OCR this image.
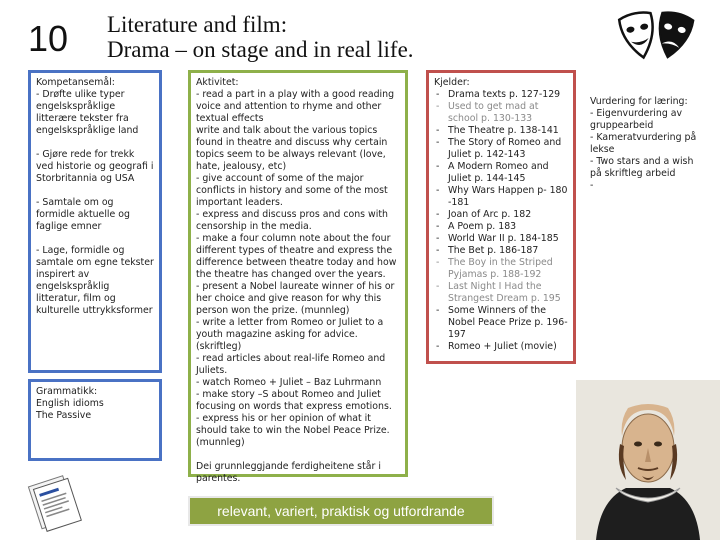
10 Literature and film:
Drama – on stage and in real life.

Kompetansemål:

- Drøfte ulike typer engelskspråklige litterære tekster fra engelskspråklige land

- Gjøre rede for trekk ved historie og geografi i Storbritannia og USA

- Samtale om og formidle aktuelle og faglige emner

- Lage, formidle og samtale om egne tekster inspirert av engelskspråklig litteratur, film og kulturelle uttrykksformer

Grammatikk:

English idioms

The Passive

Aktivitet:

- read a part in a play with a good reading voice and attention to rhyme and other textual effects

write and talk about the various topics found in theatre and discuss why certain topics seem to be always relevant (love, hate, jealousy, etc)

- give account of some of the major conflicts in history and some of the most important leaders.

- express and discuss pros and cons with censorship in the media.

- make a four column note about the four different types of theatre and express the difference between theatre today and how the theatre has changed over the years.

- present a Nobel laureate winner of his or her choice and give reason for why this person won the prize. (munnleg)

- write a letter from Romeo or Juliet to a youth magazine asking for advice. (skriftleg)

- read articles about real-life Romeo and Juliets.

- watch Romeo + Juliet – Baz Luhrmann

- make story –S about Romeo and Juliet focusing on words that express emotions.

- express his or her opinion of what it should take to win the Nobel Peace Prize. (munnleg)

Dei grunnleggjande ferdigheitene står i parentes.

Kjelder:

- Drama texts p. 127-129
- Used to get mad at school p. 130-133
- The Theatre p. 138-141
- The Story of Romeo and Juliet p. 142-143
- A Modern Romeo and Juliet p. 144-145
- Why Wars Happen p- 180 -181
- Joan of Arc p. 182
- A Poem p. 183
- World War II p. 184-185
- The Bet p. 186-187
- The Boy in the Striped Pyjamas p. 188-192
- Last Night I Had the Strangest Dream p. 195
- Some Winners of the Nobel Peace Prize p. 196-197
- Romeo + Juliet (movie)

Vurdering for læring:

- Eigenvurdering av gruppearbeid

- Kameratvurdering på lekse

- Two stars and a wish på skriftleg arbeid

-

relevant, variert, praktisk og utfordrande
